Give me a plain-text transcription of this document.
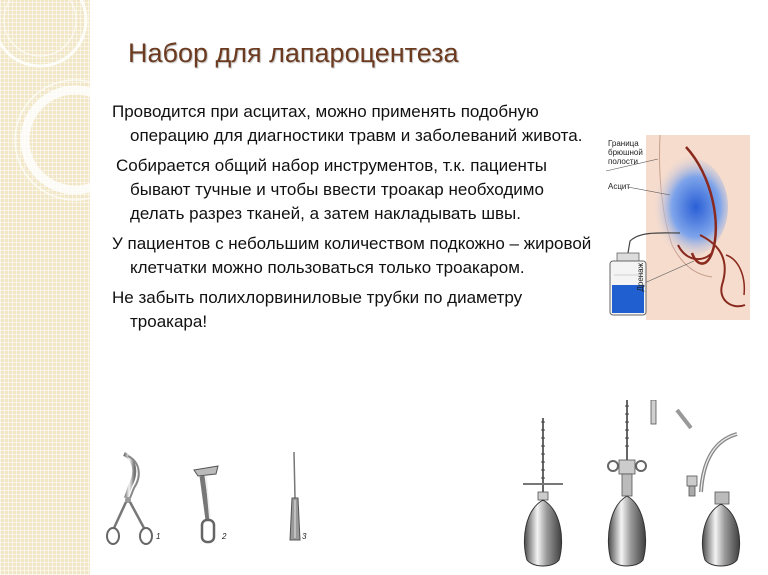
Набор для лапароцентеза

Проводится при асцитах, можно применять подобную операцию для диагностики травм и заболеваний живота.

Собирается общий набор инструментов, т.к. пациенты бывают тучные и чтобы ввести троакар необходимо делать разрез тканей, а затем накладывать швы.

У пациентов с небольшим количеством подкожно – жировой клетчатки можно пользоваться только троакаром.

Не забыть полихлорвиниловые трубки по диаметру троакара!

Граница брюшной полости
Асцит
Дренаж
1	2	3
